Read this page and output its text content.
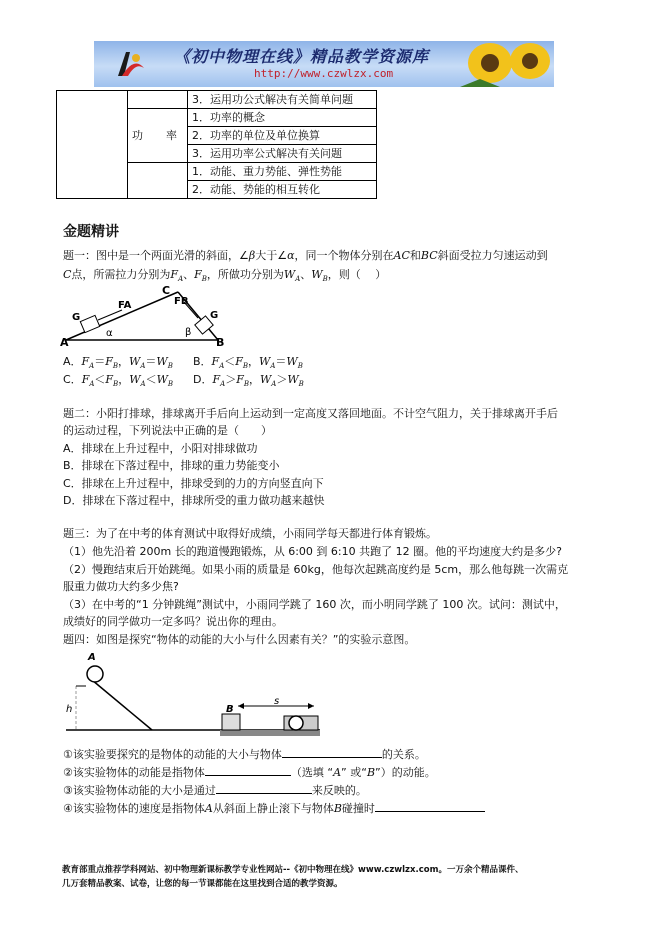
《初中物理在线》精品教学资源库
http://www.czwlzx.com
		3．运用功公式解决有关简单问题
	功　率	1．功率的概念
		2．功率的单位及单位换算
		3．运用功率公式解决有关问题
		1．动能、重力势能、弹性势能
		2．动能、势能的相互转化
金题精讲
题一：图中是一个两面光滑的斜面，∠β大于∠α，同一个物体分别在AC和BC斜面受拉力匀速运动到
C点，所需拉力分别为$F_A$、$F_B$，所做功分别为$W_A$、$W_B$，则（　 ）
C
A	B
FA	FB
G	G
α	β
A．$F_A=F_B$，$W_A=W_B$ B．$F_A<F_B$，$W_A=W_B$
C．$F_A<F_B$，$W_A<W_B$ D．$F_A>F_B$，$W_A>W_B$
题二：小阳打排球，排球离开手后向上运动到一定高度又落回地面。不计空气阻力，关于排球离开手后
的运动过程，下列说法中正确的是（　　）
A．排球在上升过程中，小阳对排球做功
B．排球在下落过程中，排球的重力势能变小
C．排球在上升过程中，排球受到的力的方向竖直向下
D．排球在下落过程中，排球所受的重力做功越来越快
题三：为了在中考的体育测试中取得好成绩，小雨同学每天都进行体育锻炼。
（1）他先沿着 200m 长的跑道慢跑锻炼，从 6:00 到 6:10 共跑了 12 圈。他的平均速度大约是多少?
（2）慢跑结束后开始跳绳。如果小雨的质量是 60kg，他每次起跳高度约是 5cm，那么他每跳一次需克
服重力做功大约多少焦?
（3）在中考的“1 分钟跳绳”测试中，小雨同学跳了 160 次，而小明同学跳了 100 次。试问：测试中，
成绩好的同学做功一定多吗？说出你的理由。
题四：如图是探究“物体的动能的大小与什么因素有关？”的实验示意图。
A
h	B
s
①该实验要探究的是物体的动能的大小与物体	的关系。
②该实验物体的动能是指物体	（选填 “A” 或“B”）的动能。
③该实验物体动能的大小是通过	来反映的。
④该实验物体的速度是指物体A从斜面上静止滚下与物体B碰撞时
教育部重点推荐学科网站、初中物理新课标教学专业性网站--《初中物理在线》www.czwlzx.com。一万余个精品课件、
几万套精品教案、试卷，让您的每一节课都能在这里找到合适的教学资源。
